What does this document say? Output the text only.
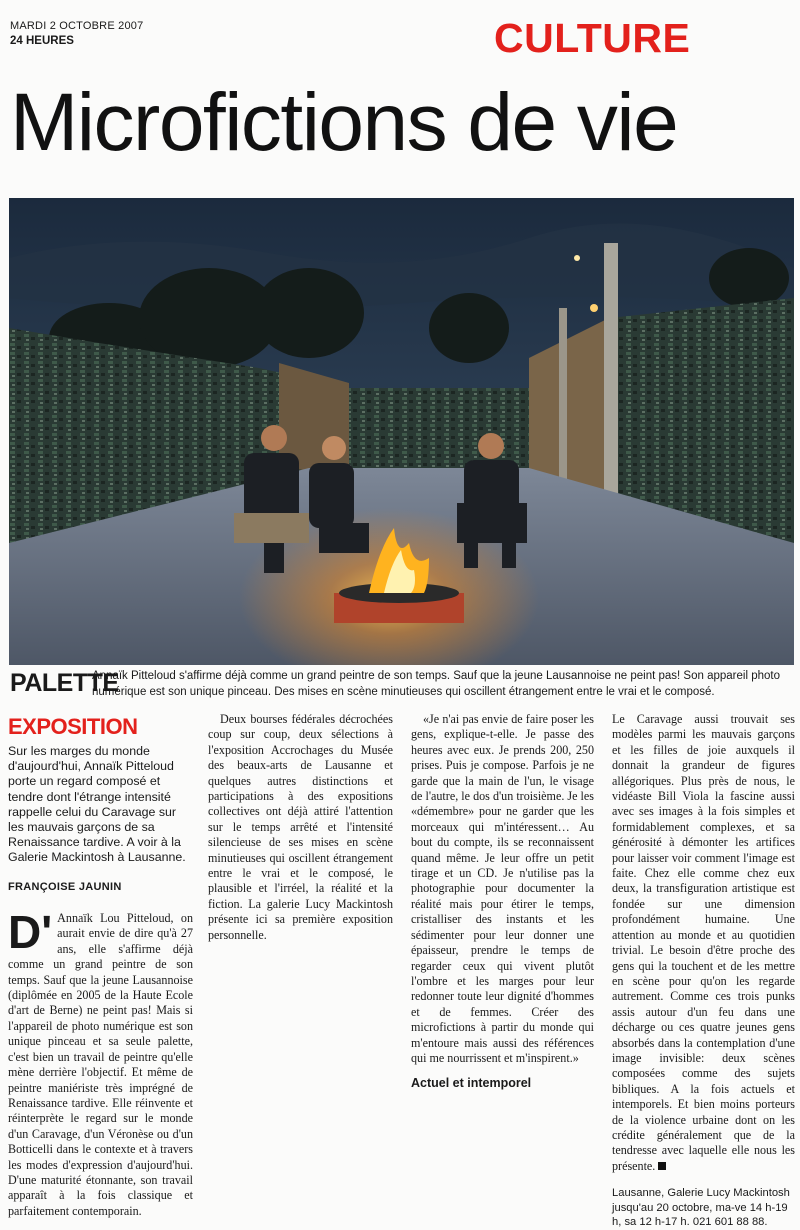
MARDI 2 OCTOBRE 2007
24 HEURES	CULTURE
Microfictions de vie
PALETTE
Annaïk Pitteloud s'affirme déjà comme un grand peintre de son temps. Sauf que la jeune Lausannoise ne peint pas! Son appareil photo numérique est son unique pinceau. Des mises en scène minutieuses qui oscillent étrangement entre le vrai et le composé.
EXPOSITION
Sur les marges du monde d'aujourd'hui, Annaïk Pitteloud porte un regard composé et tendre dont l'étrange intensité rappelle celui du Caravage sur les mauvais garçons de sa Renaissance tardive. A voir à la Galerie Mackintosh à Lausanne.
FRANÇOISE JAUNIN
D' Annaïk Lou Pitteloud, on aurait envie de dire qu'à 27 ans, elle s'affirme déjà comme un grand peintre de son temps. Sauf que la jeune Lausannoise (diplômée en 2005 de la Haute Ecole d'art de Berne) ne peint pas! Mais si l'appareil de photo numérique est son unique pinceau et sa seule palette, c'est bien un travail de peintre qu'elle mène derrière l'objectif. Et même de peintre maniériste très imprégné de Renaissance tardive. Elle réinvente et réinterprète le regard sur le monde d'un Caravage, d'un Véronèse ou d'un Botticelli dans le contexte et à travers les modes d'expression d'aujourd'hui. D'une maturité étonnante, son travail apparaît à la fois classique et parfaitement contemporain.

Deux bourses fédérales décrochées coup sur coup, deux sélections à l'exposition Accrochages du Musée des beaux-arts de Lausanne et quelques autres distinctions et participations à des expositions collectives ont déjà attiré l'attention sur le temps arrêté et l'intensité silencieuse de ses mises en scène minutieuses qui oscillent étrangement entre le vrai et le composé, le plausible et l'irréel, la réalité et la fiction. La galerie Lucy Mackintosh présente ici sa première exposition personnelle.

«Je n'ai pas envie de faire poser les gens, explique-t-elle. Je passe des heures avec eux. Je prends 200, 250 prises. Puis je compose. Parfois je ne garde que la main de l'un, le visage de l'autre, le dos d'un troisième. Je les «démembre» pour ne garder que les morceaux qui m'intéressent… Au bout du compte, ils se reconnaissent quand même. Je leur offre un petit tirage et un CD. Je n'utilise pas la photographie pour documenter la réalité mais pour étirer le temps, cristalliser des instants et les sédimenter pour leur donner une épaisseur, prendre le temps de regarder ceux qui vivent plutôt l'ombre et les marges pour leur redonner toute leur dignité d'hommes et de femmes. Créer des microfictions à partir du monde qui m'entoure mais aussi des références qui me nourrissent et m'inspirent.»

Actuel et intemporel

Le Caravage aussi trouvait ses modèles parmi les mauvais garçons et les filles de joie auxquels il donnait la grandeur de figures allégoriques. Plus près de nous, le vidéaste Bill Viola la fascine aussi avec ses images à la fois simples et formidablement complexes, et sa générosité à démonter les artifices pour laisser voir comment l'image est faite. Chez elle comme chez eux deux, la transfiguration artistique est fondée sur une dimension profondément humaine. Une attention au monde et au quotidien trivial. Le besoin d'être proche des gens qui la touchent et de les mettre en scène pour qu'on les regarde autrement. Comme ces trois punks assis autour d'un feu dans une décharge ou ces quatre jeunes gens absorbés dans la contemplation d'une image invisible: deux scènes composées comme des sujets bibliques. A la fois actuels et intemporels. Et bien moins porteurs de la violence urbaine dont on les crédite généralement que de la tendresse avec laquelle elle nous les présente.

Lausanne, Galerie Lucy Mackintosh jusqu'au 20 octobre, ma-ve 14 h-19 h, sa 12 h-17 h. 021 601 88 88.
